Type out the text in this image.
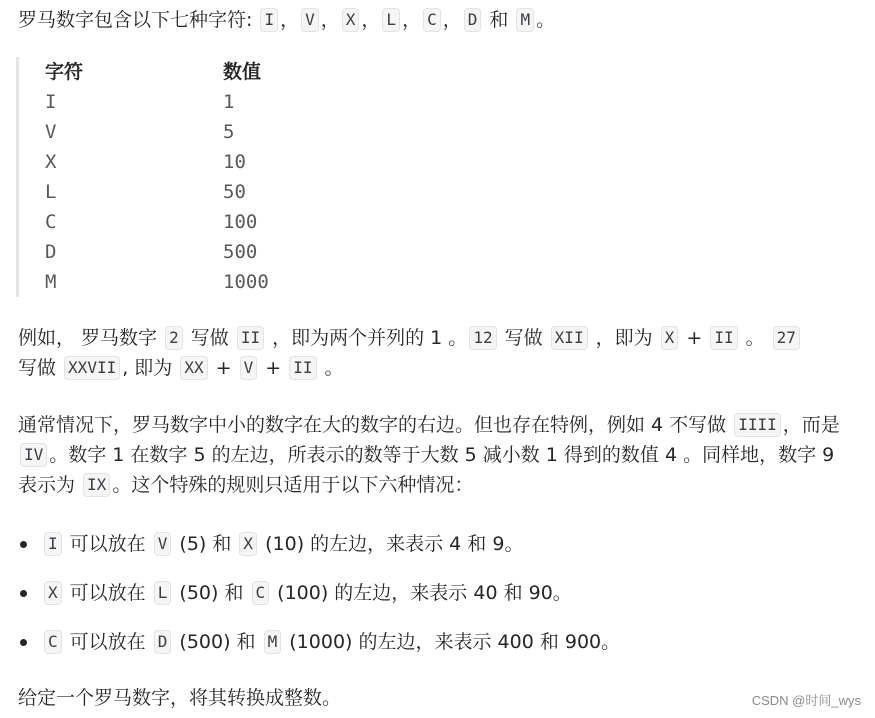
罗马数字包含以下七种字符: I ， V ， X ， L ， C ， D 和 M 。

字符	数值
I	1
V	5
X	10
L	50
C	100
D	500
M	1000

例如， 罗马数字 2 写做 II ，即为两个并列的 1 。 12 写做 XII ，即为 X + II 。 27
写做 XXVII , 即为 XX + V + II 。

通常情况下，罗马数字中小的数字在大的数字的右边。但也存在特例，例如 4 不写做 IIII ，而是 IV 。数字 1 在数字 5 的左边，所表示的数等于大数 5 减小数 1 得到的数值 4 。同样地，数字 9 表示为 IX 。这个特殊的规则只适用于以下六种情况：

I 可以放在 V (5) 和 X (10) 的左边，来表示 4 和 9。
X 可以放在 L (50) 和 C (100) 的左边，来表示 40 和 90。
C 可以放在 D (500) 和 M (1000) 的左边，来表示 400 和 900。

给定一个罗马数字，将其转换成整数。	CSDN @时间_wys
